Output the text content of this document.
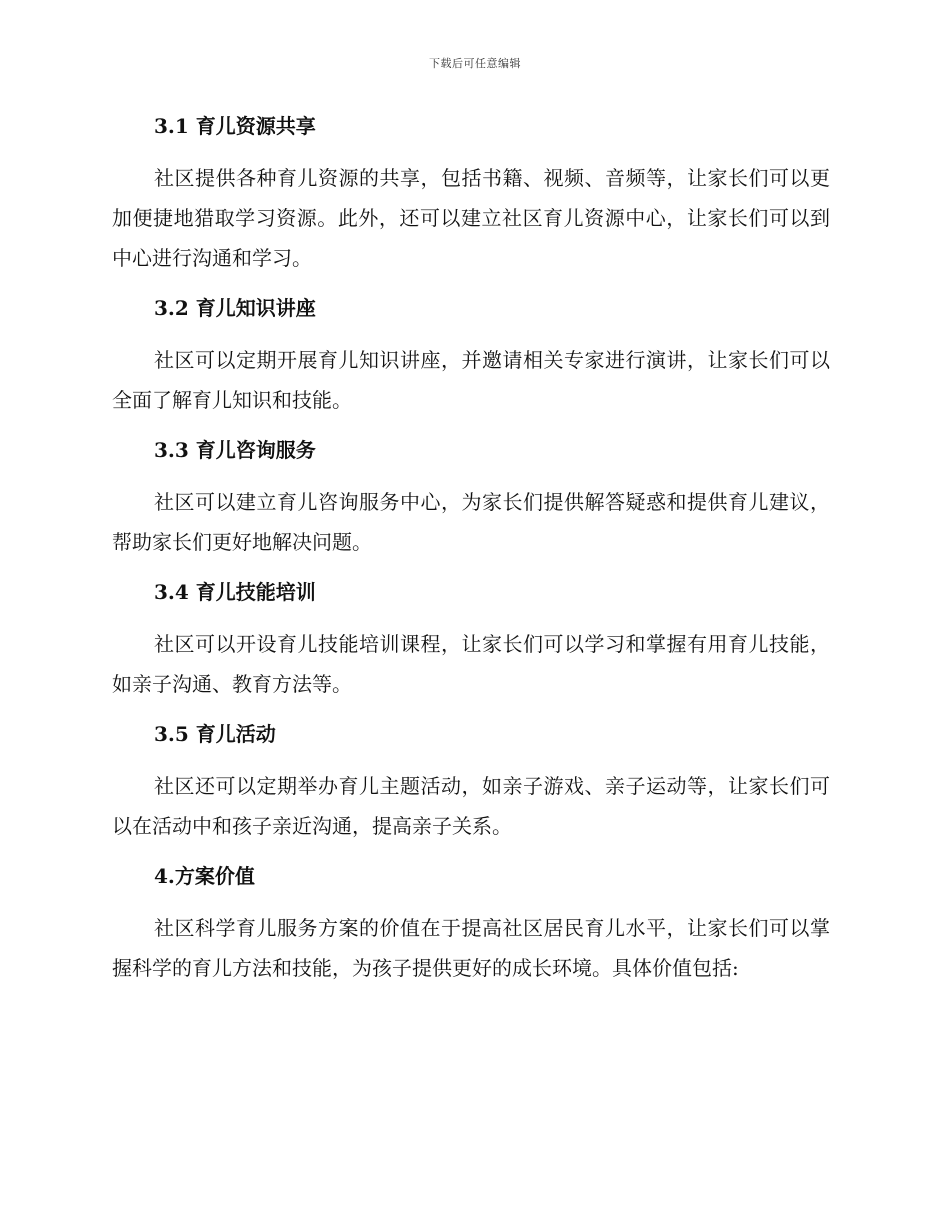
下载后可任意编辑
3.1 育儿资源共享

社区提供各种育儿资源的共享，包括书籍、视频、音频等，让家长们可以更加便捷地猎取学习资源。此外，还可以建立社区育儿资源中心，让家长们可以到中心进行沟通和学习。

3.2 育儿知识讲座

社区可以定期开展育儿知识讲座，并邀请相关专家进行演讲，让家长们可以全面了解育儿知识和技能。

3.3 育儿咨询服务

社区可以建立育儿咨询服务中心，为家长们提供解答疑惑和提供育儿建议，帮助家长们更好地解决问题。

3.4 育儿技能培训

社区可以开设育儿技能培训课程，让家长们可以学习和掌握有用育儿技能，如亲子沟通、教育方法等。

3.5 育儿活动

社区还可以定期举办育儿主题活动，如亲子游戏、亲子运动等，让家长们可以在活动中和孩子亲近沟通，提高亲子关系。

4.方案价值

社区科学育儿服务方案的价值在于提高社区居民育儿水平，让家长们可以掌握科学的育儿方法和技能，为孩子提供更好的成长环境。具体价值包括:
